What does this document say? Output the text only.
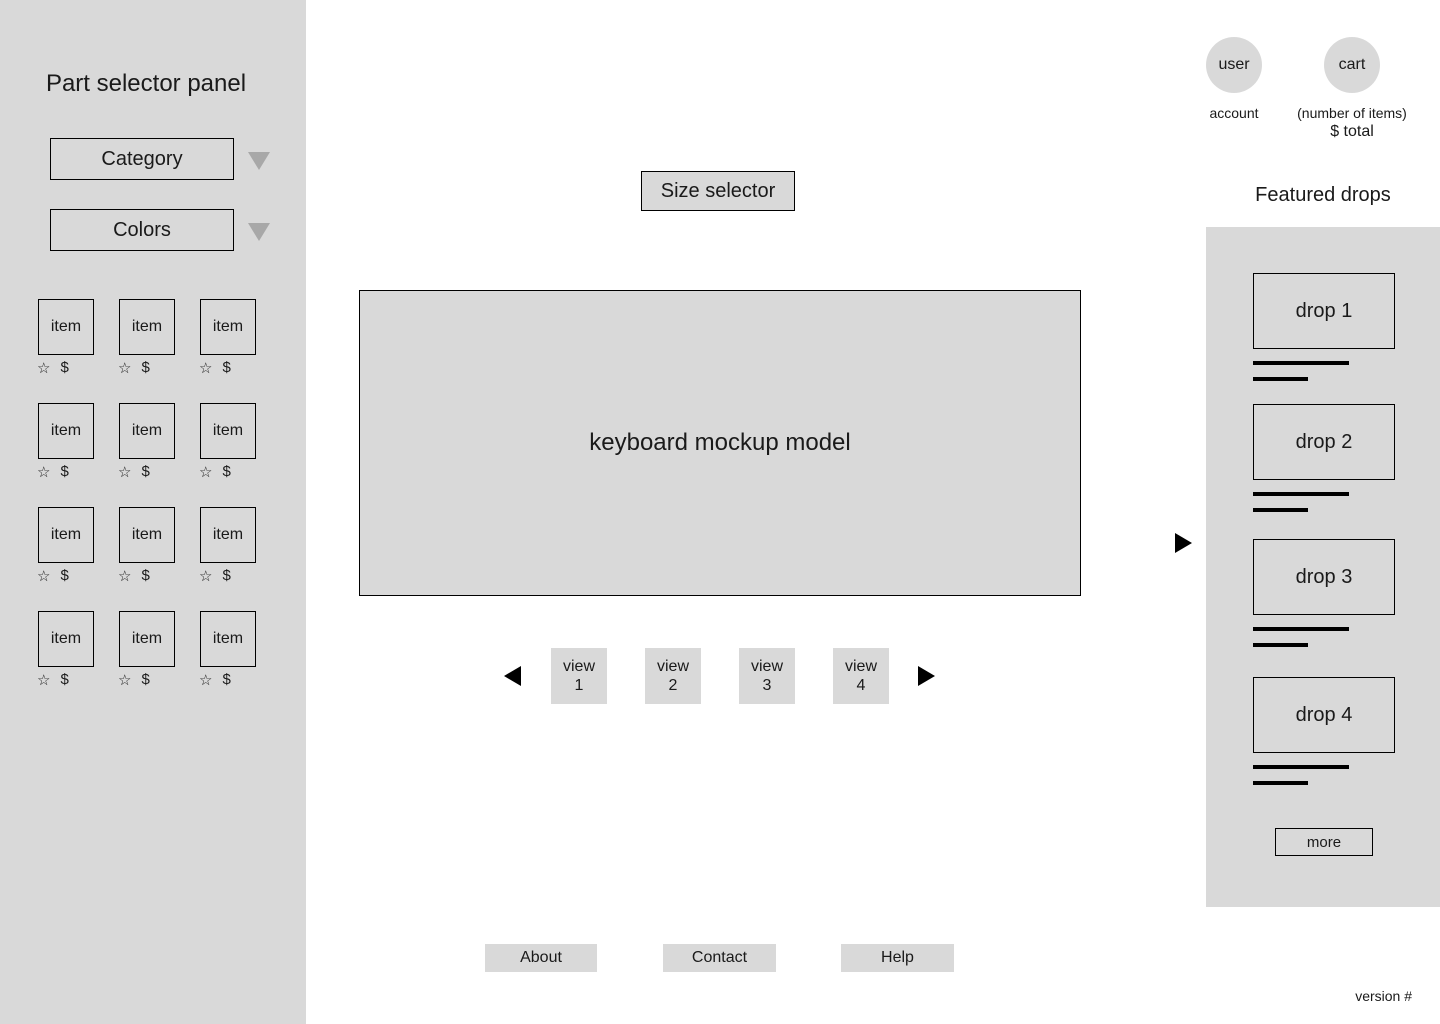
Part selector panel
Category
Colors
item
☆ $
item
☆ $
item
☆ $
item
☆ $
item
☆ $
item
☆ $
item
☆ $
item
☆ $
item
☆ $
item
☆ $
item
☆ $
item
☆ $
Size selector
keyboard mockup model
view
1
view
2
view
3
view
4
About	Contact	Help
version #
user
account
cart
(number of items)
$ total
Featured drops
drop 1
drop 2
drop 3
drop 4
more
